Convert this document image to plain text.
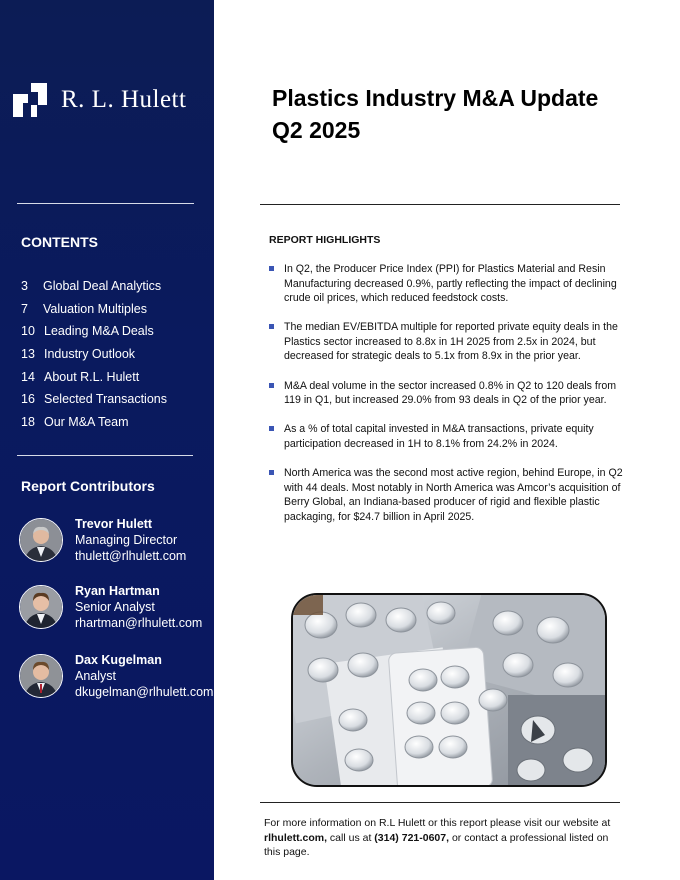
R. L. Hulett
CONTENTS
3	Global Deal Analytics
7	Valuation Multiples
10 Leading M&A Deals
13 Industry Outlook
14 About R.L. Hulett
16 Selected Transactions
18 Our M&A Team
Report Contributors
Trevor Hulett
Managing Director
thulett@rlhulett.com
Ryan Hartman
Senior Analyst
rhartman@rlhulett.com
Dax Kugelman
Analyst
dkugelman@rlhulett.com
Plastics Industry M&A Update
Q2 2025
REPORT HIGHLIGHTS
In Q2, the Producer Price Index (PPI) for Plastics Material and Resin Manufacturing decreased 0.9%, partly reflecting the impact of declining crude oil prices, which reduced feedstock costs.
The median EV/EBITDA multiple for reported private equity deals in the Plastics sector increased to 8.8x in 1H 2025 from 2.5x in 2024, but decreased for strategic deals to 5.1x from 8.9x in the prior year.
M&A deal volume in the sector increased 0.8% in Q2 to 120 deals from 119 in Q1, but increased 29.0% from 93 deals in Q2 of the prior year.
As a % of total capital invested in M&A transactions, private equity participation decreased in 1H to 8.1% from 24.2% in 2024.
North America was the second most active region, behind Europe, in Q2 with 44 deals. Most notably in North America was Amcor’s acquisition of Berry Global, an Indiana-based producer of rigid and flexible plastic packaging, for $24.7 billion in April 2025.
For more information on R.L Hulett or this report please visit our website at rlhulett.com, call us at (314) 721-0607, or contact a professional listed on this page.
